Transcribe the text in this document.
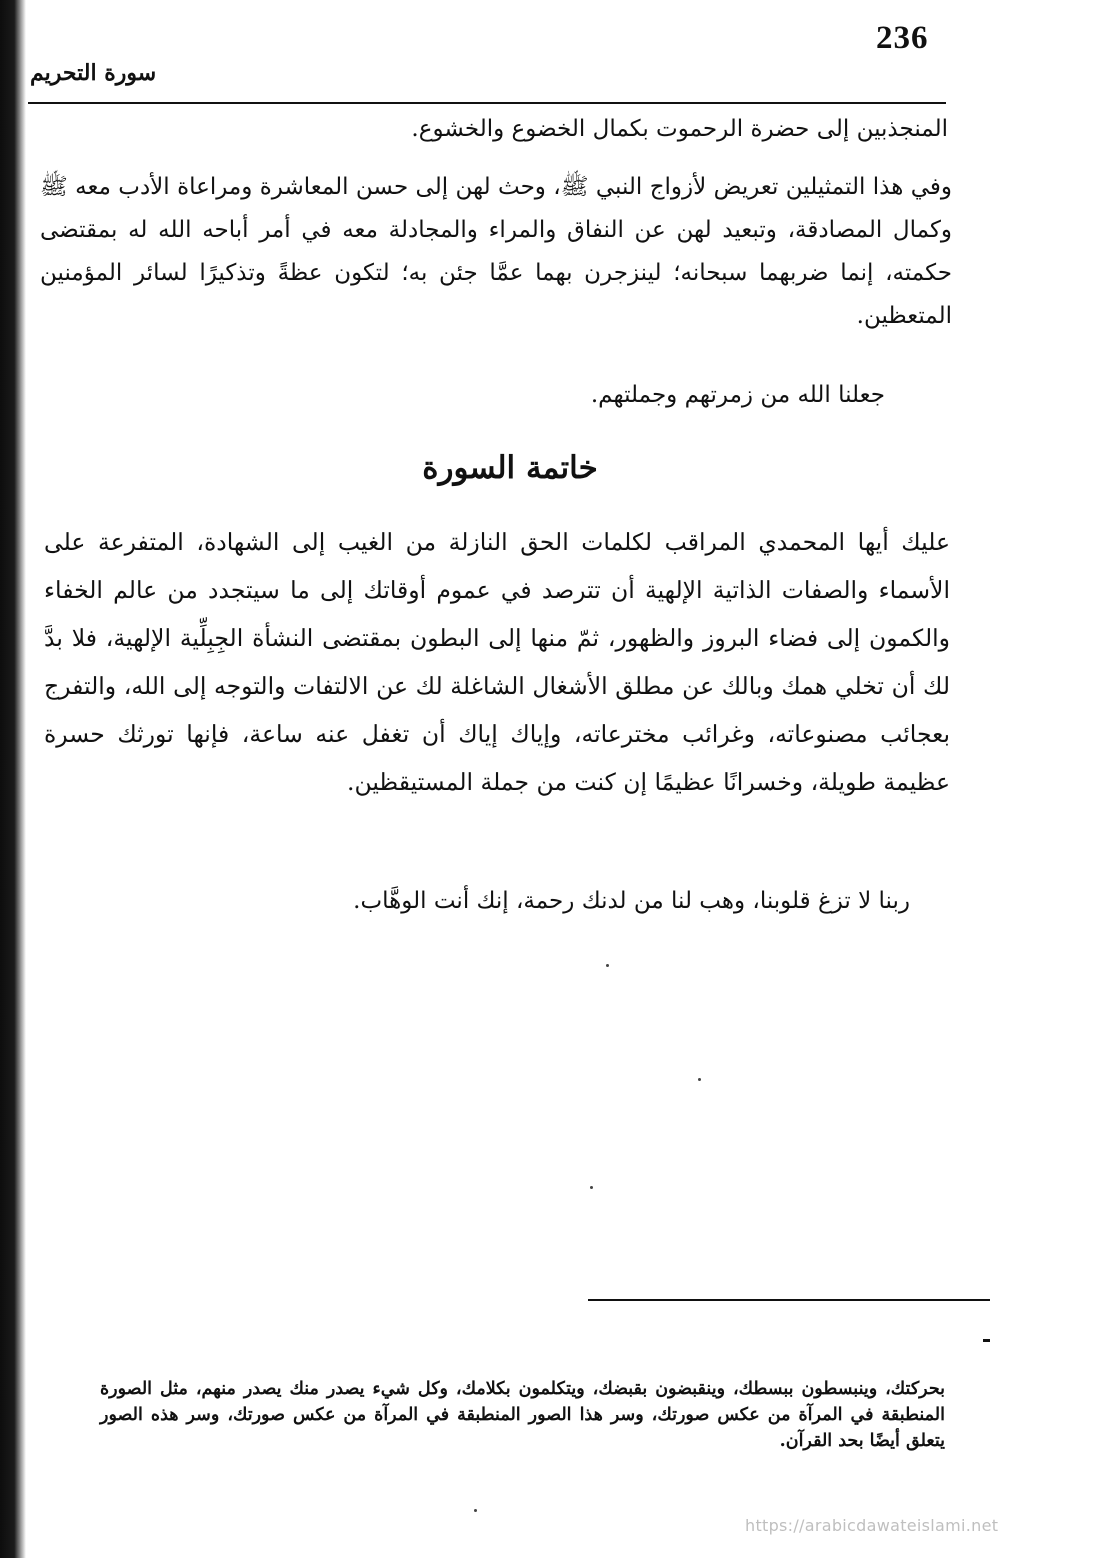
236
سورة التحريم

المنجذبين إلى حضرة الرحموت بكمال الخضوع والخشوع.

وفي هذا التمثيلين تعريض لأزواج النبي ﷺ، وحث لهن إلى حسن المعاشرة ومراعاة الأدب معه ﷺ وكمال المصادقة، وتبعيد لهن عن النفاق والمراء والمجادلة معه في أمر أباحه الله له بمقتضى حكمته، إنما ضربهما سبحانه؛ لينزجرن بهما عمَّا جئن به؛ لتكون عظةً وتذكيرًا لسائر المؤمنين المتعظين.

جعلنا الله من زمرتهم وجملتهم.

خاتمة السورة

عليك أيها المحمدي المراقب لكلمات الحق النازلة من الغيب إلى الشهادة، المتفرعة على الأسماء والصفات الذاتية الإلهية أن تترصد في عموم أوقاتك إلى ما سيتجدد من عالم الخفاء والكمون إلى فضاء البروز والظهور، ثمّ منها إلى البطون بمقتضى النشأة الجِبِلِّية الإلهية، فلا بدَّ لك أن تخلي همك وبالك عن مطلق الأشغال الشاغلة لك عن الالتفات والتوجه إلى الله، والتفرج بعجائب مصنوعاته، وغرائب مخترعاته، وإياك إياك أن تغفل عنه ساعة، فإنها تورثك حسرة عظيمة طويلة، وخسرانًا عظيمًا إن كنت من جملة المستيقظين.

ربنا لا تزغ قلوبنا، وهب لنا من لدنك رحمة، إنك أنت الوهَّاب.

بحركتك، وينبسطون ببسطك، وينقبضون بقبضك، ويتكلمون بكلامك، وكل شيء يصدر منك يصدر منهم، مثل الصورة المنطبقة في المرآة من عكس صورتك، وسر هذا الصور المنطبقة في المرآة من عكس صورتك، وسر هذه الصور يتعلق أيضًا بحد القرآن.

https://arabicdawateislami.net
